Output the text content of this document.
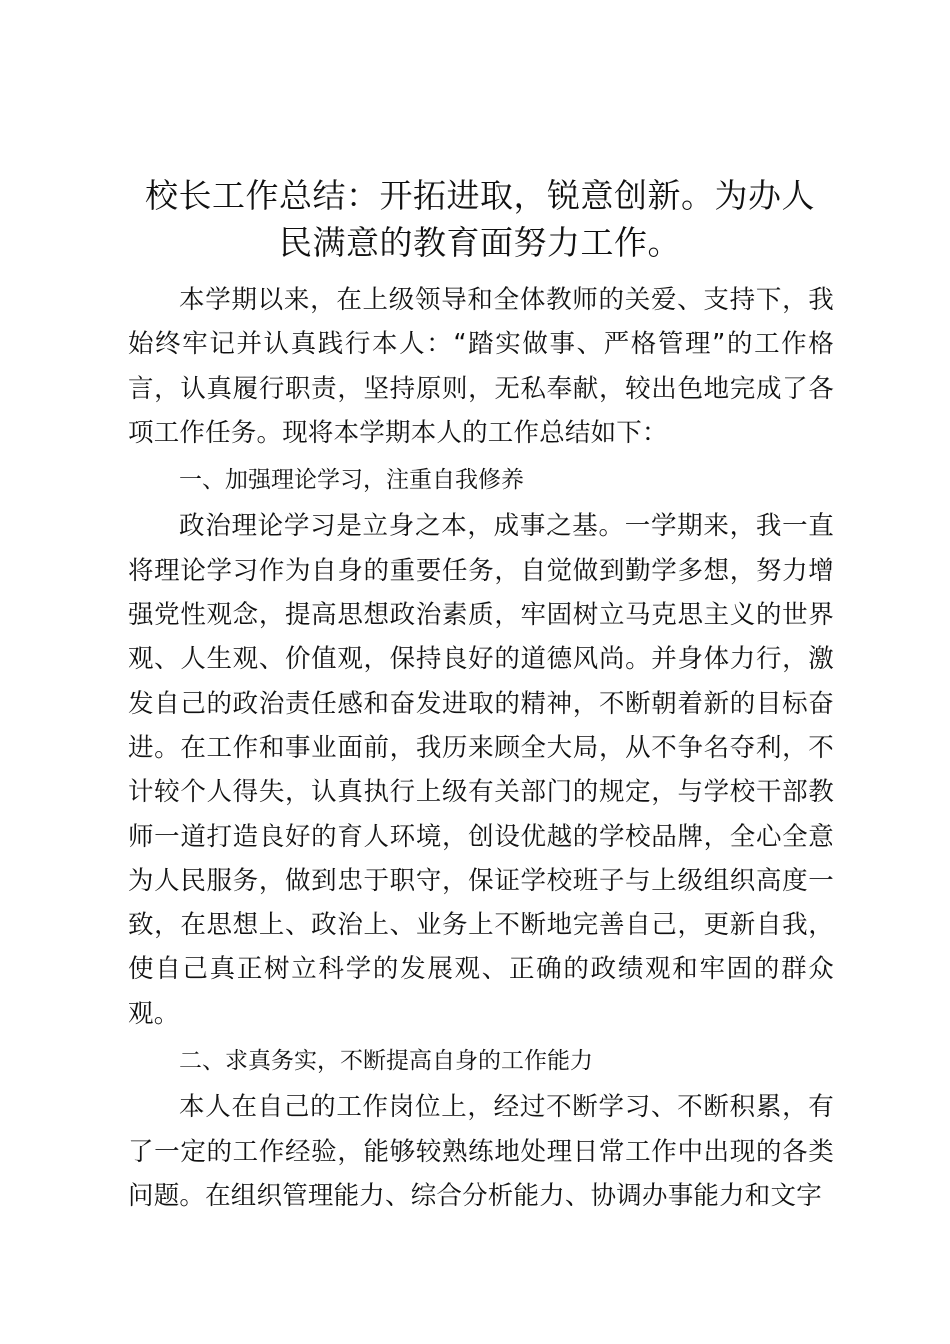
校长工作总结：开拓进取，锐意创新。为办人
民满意的教育面努力工作。

本学期以来，在上级领导和全体教师的关爱、支持下，我始终牢记并认真践行本人：“踏实做事、严格管理”的工作格言，认真履行职责，坚持原则，无私奉献，较出色地完成了各项工作任务。现将本学期本人的工作总结如下：

一、加强理论学习，注重自我修养

政治理论学习是立身之本，成事之基。一学期来，我一直将理论学习作为自身的重要任务，自觉做到勤学多想，努力增强党性观念，提高思想政治素质，牢固树立马克思主义的世界观、人生观、价值观，保持良好的道德风尚。并身体力行，激发自己的政治责任感和奋发进取的精神，不断朝着新的目标奋进。在工作和事业面前，我历来顾全大局，从不争名夺利，不计较个人得失，认真执行上级有关部门的规定，与学校干部教师一道打造良好的育人环境，创设优越的学校品牌，全心全意为人民服务，做到忠于职守，保证学校班子与上级组织高度一致，在思想上、政治上、业务上不断地完善自己，更新自我，使自己真正树立科学的发展观、正确的政绩观和牢固的群众观。

二、求真务实，不断提高自身的工作能力

本人在自己的工作岗位上，经过不断学习、不断积累，有了一定的工作经验，能够较熟练地处理日常工作中出现的各类问题。在组织管理能力、综合分析能力、协调办事能力和文字
